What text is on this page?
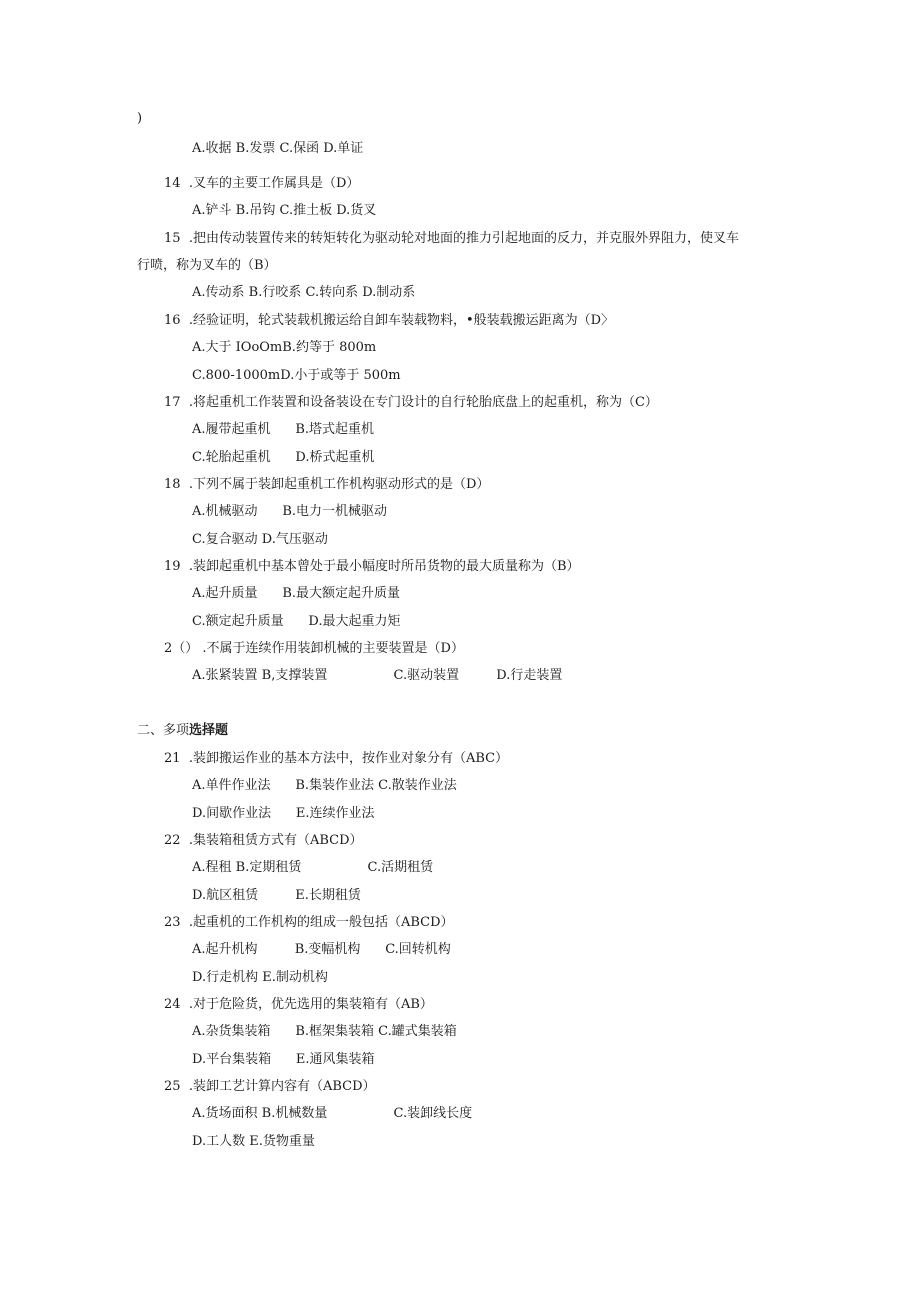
)
A.收据 B.发票 C.保函 D.单证
14 .叉车的主要工作属具是（D）
A.铲斗 B.吊钩 C.推土板 D.货叉
15 .把由传动装置传来的转矩转化为驱动轮对地面的推力引起地面的反力，并克服外界阻力，使叉车
行喷，称为叉车的（B）
A.传动系 B.行咬系 C.转向系 D.制动系
16 .经验证明，轮式装载机搬运给自卸车装载物料，•般装载搬运距离为（D〉
A.大于 IOoOmB.约等于 800m
C.800-1000mD.小于或等于 500m
17 .将起重机工作装置和设备装设在专门设计的自行轮胎底盘上的起重机，称为（C）
A.履带起重机      B.塔式起重机
C.轮胎起重机      D.桥式起重机
18 .下列不属于装卸起重机工作机构驱动形式的是（D）
A.机械驱动      B.电力一机械驱动
C.复合驱动 D.气压驱动
19 .装卸起重机中基本曾处于最小幅度时所吊货物的最大质量称为（B）
A.起升质量      B.最大额定起升质量
C.额定起升质量      D.最大起重力矩
2（） .不属于连续作用装卸机械的主要装置是（D）
A.张紧装置 B,支撑装置                C.驱动装置         D.行走装置
二、多项选择题
21 .装卸搬运作业的基本方法中，按作业对象分有（ABC）
A.单件作业法      B.集装作业法 C.散装作业法
D.间歇作业法      E.连续作业法
22 .集装箱租赁方式有（ABCD）
A.程租 B.定期租赁                C.活期租赁
D.航区租赁         E.长期租赁
23 .起重机的工作机构的组成一般包括（ABCD）
A.起升机构         B.变幅机构      C.回转机构
D.行走机构 E.制动机构
24 .对于危险货，优先选用的集装箱有（AB）
A.杂货集装箱      B.框架集装箱 C.罐式集装箱
D.平台集装箱      E.通风集装箱
25 .装卸工艺计算内容有（ABCD）
A.货场面积 B.机械数量                C.装卸线长度
D.工人数 E.货物重量
